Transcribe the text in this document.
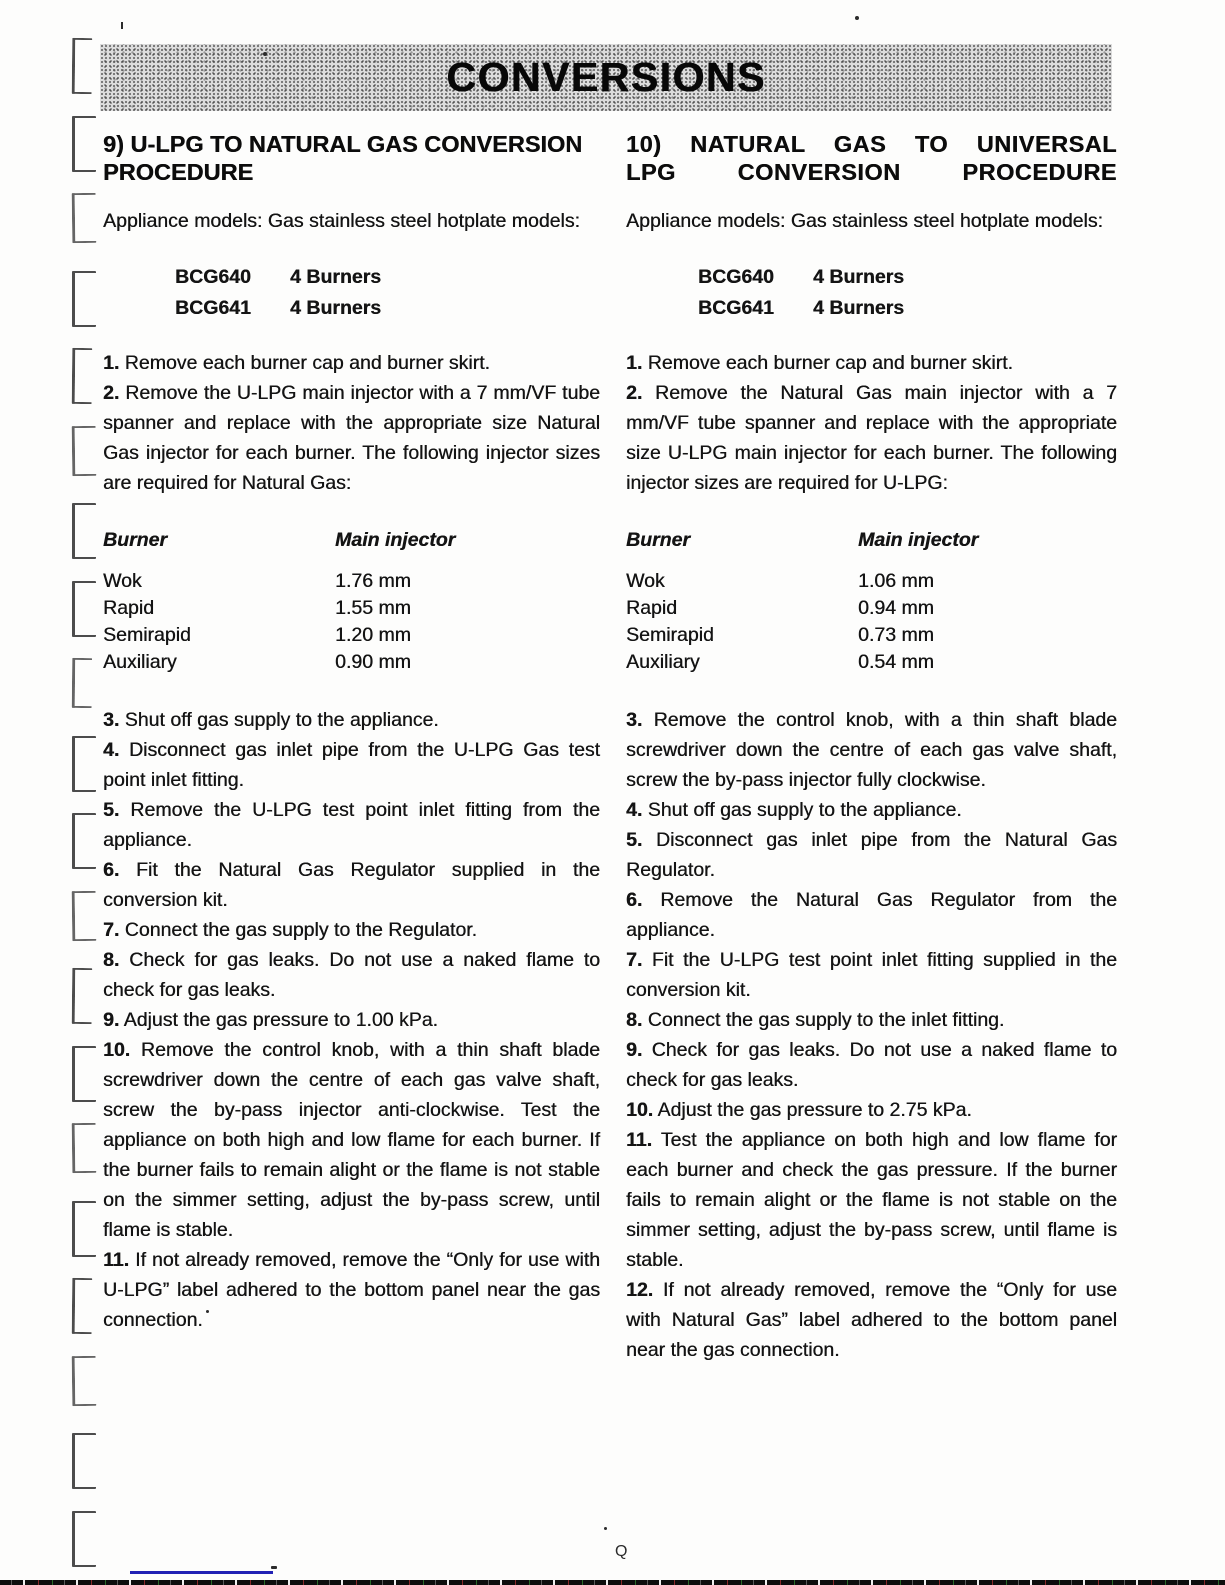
CONVERSIONS
9) U-LPG TO NATURAL GAS CONVERSION
PROCEDURE

Appliance models: Gas stainless steel hotplate models:

BCG640	4 Burners
BCG641	4 Burners

1. Remove each burner cap and burner skirt.

2. Remove the U-LPG main injector with a 7 mm/VF tube spanner and replace with the appropriate size Natural Gas injector for each burner. The following injector sizes are required for Natural Gas:

Burner	Main injector
Wok	1.76 mm
Rapid	1.55 mm
Semirapid	1.20 mm
Auxiliary	0.90 mm

3. Shut off gas supply to the appliance.

4. Disconnect gas inlet pipe from the U-LPG Gas test point inlet fitting.

5. Remove the U-LPG test point inlet fitting from the appliance.

6. Fit the Natural Gas Regulator supplied in the conversion kit.

7. Connect the gas supply to the Regulator.

8. Check for gas leaks. Do not use a naked flame to check for gas leaks.

9. Adjust the gas pressure to 1.00 kPa.

10. Remove the control knob, with a thin shaft blade screwdriver down the centre of each gas valve shaft, screw the by-pass injector anti-clockwise. Test the appliance on both high and low flame for each burner. If the burner fails to remain alight or the flame is not stable on the simmer setting, adjust the by-pass screw, until flame is stable.

11. If not already removed, remove the “Only for use with U-LPG” label adhered to the bottom panel near the gas connection.

10) NATURAL GAS TO UNIVERSAL
LPG CONVERSION PROCEDURE

Appliance models: Gas stainless steel hotplate models:

BCG640	4 Burners
BCG641	4 Burners

1. Remove each burner cap and burner skirt.

2. Remove the Natural Gas main injector with a 7 mm/VF tube spanner and replace with the appropriate size U-LPG main injector for each burner. The following injector sizes are required for U-LPG:

Burner	Main injector
Wok	1.06 mm
Rapid	0.94 mm
Semirapid	0.73 mm
Auxiliary	0.54 mm

3. Remove the control knob, with a thin shaft blade screwdriver down the centre of each gas valve shaft, screw the by-pass injector fully clockwise.

4. Shut off gas supply to the appliance.

5. Disconnect gas inlet pipe from the Natural Gas Regulator.

6. Remove the Natural Gas Regulator from the appliance.

7. Fit the U-LPG test point inlet fitting supplied in the conversion kit.

8. Connect the gas supply to the inlet fitting.

9. Check for gas leaks. Do not use a naked flame to check for gas leaks.

10. Adjust the gas pressure to 2.75 kPa.

11. Test the appliance on both high and low flame for each burner and check the gas pressure. If the burner fails to remain alight or the flame is not stable on the simmer setting, adjust the by-pass screw, until flame is stable.

12. If not already removed, remove the “Only for use with Natural Gas” label adhered to the bottom panel near the gas connection.

Q
